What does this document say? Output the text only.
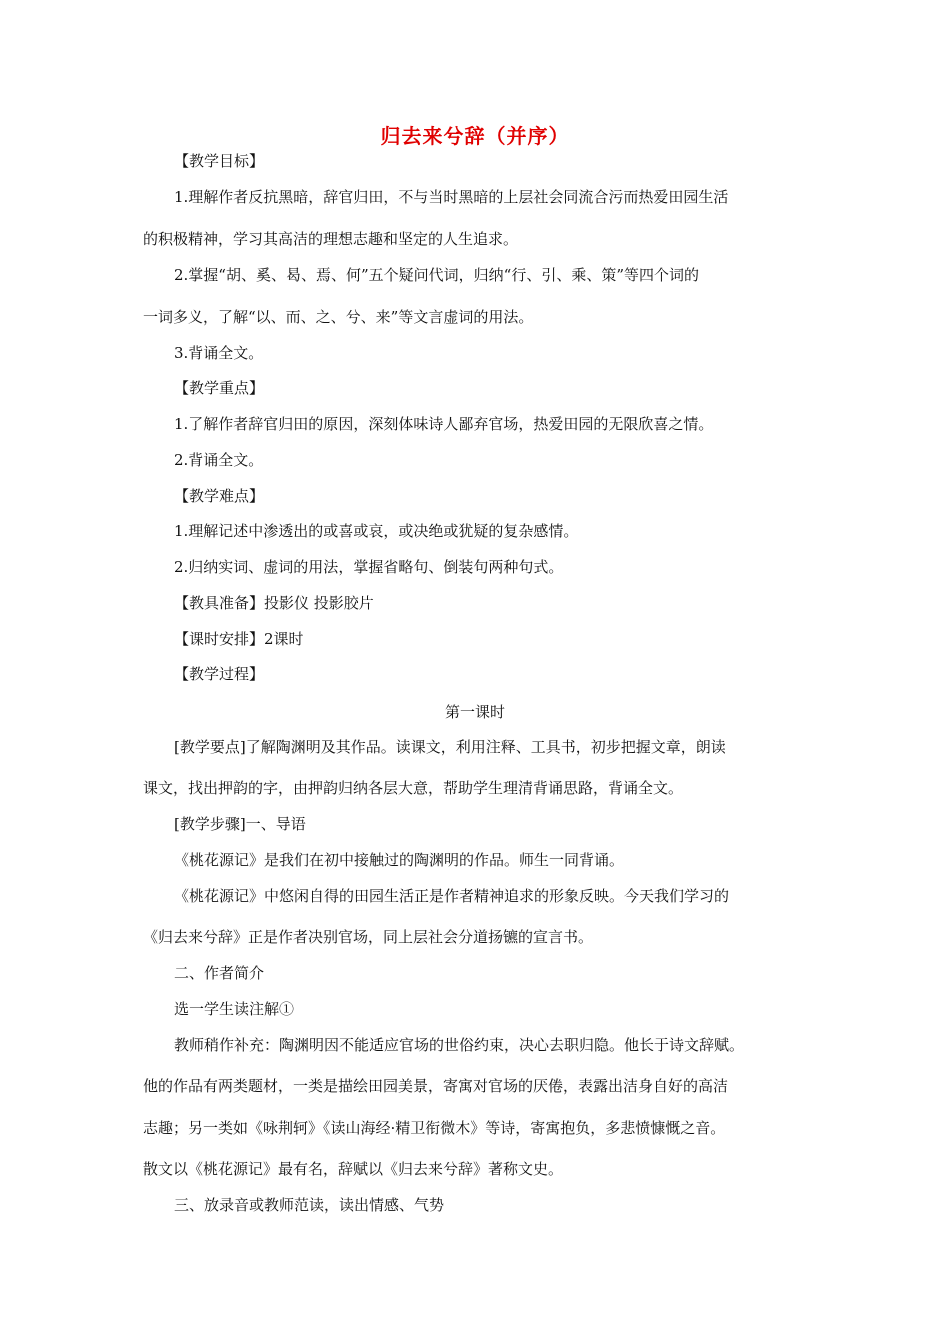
归去来兮辞（并序）
【教学目标】
1.理解作者反抗黑暗，辞官归田，不与当时黑暗的上层社会同流合污而热爱田园生活
的积极精神，学习其高洁的理想志趣和坚定的人生追求。
2.掌握“胡、奚、曷、焉、何”五个疑问代词，归纳“行、引、乘、策”等四个词的
一词多义，了解“以、而、之、兮、来”等文言虚词的用法。
3.背诵全文。
【教学重点】
1.了解作者辞官归田的原因，深刻体味诗人鄙弃官场，热爱田园的无限欣喜之情。
2.背诵全文。
【教学难点】
1.理解记述中渗透出的或喜或哀，或决绝或犹疑的复杂感情。
2.归纳实词、虚词的用法，掌握省略句、倒装句两种句式。
【教具准备】投影仪 投影胶片
【课时安排】2课时
【教学过程】
第一课时
[教学要点]了解陶渊明及其作品。读课文，利用注释、工具书，初步把握文章，朗读
课文，找出押韵的字，由押韵归纳各层大意，帮助学生理清背诵思路，背诵全文。
[教学步骤]一、导语
《桃花源记》是我们在初中接触过的陶渊明的作品。师生一同背诵。
《桃花源记》中悠闲自得的田园生活正是作者精神追求的形象反映。今天我们学习的
《归去来兮辞》正是作者决别官场，同上层社会分道扬镳的宣言书。
二、作者简介
选一学生读注解①
教师稍作补充：陶渊明因不能适应官场的世俗约束，决心去职归隐。他长于诗文辞赋。
他的作品有两类题材，一类是描绘田园美景，寄寓对官场的厌倦，表露出洁身自好的高洁
志趣；另一类如《咏荆轲》《读山海经·精卫衔微木》等诗，寄寓抱负，多悲愤慷慨之音。
散文以《桃花源记》最有名，辞赋以《归去来兮辞》著称文史。
三、放录音或教师范读，读出情感、气势
